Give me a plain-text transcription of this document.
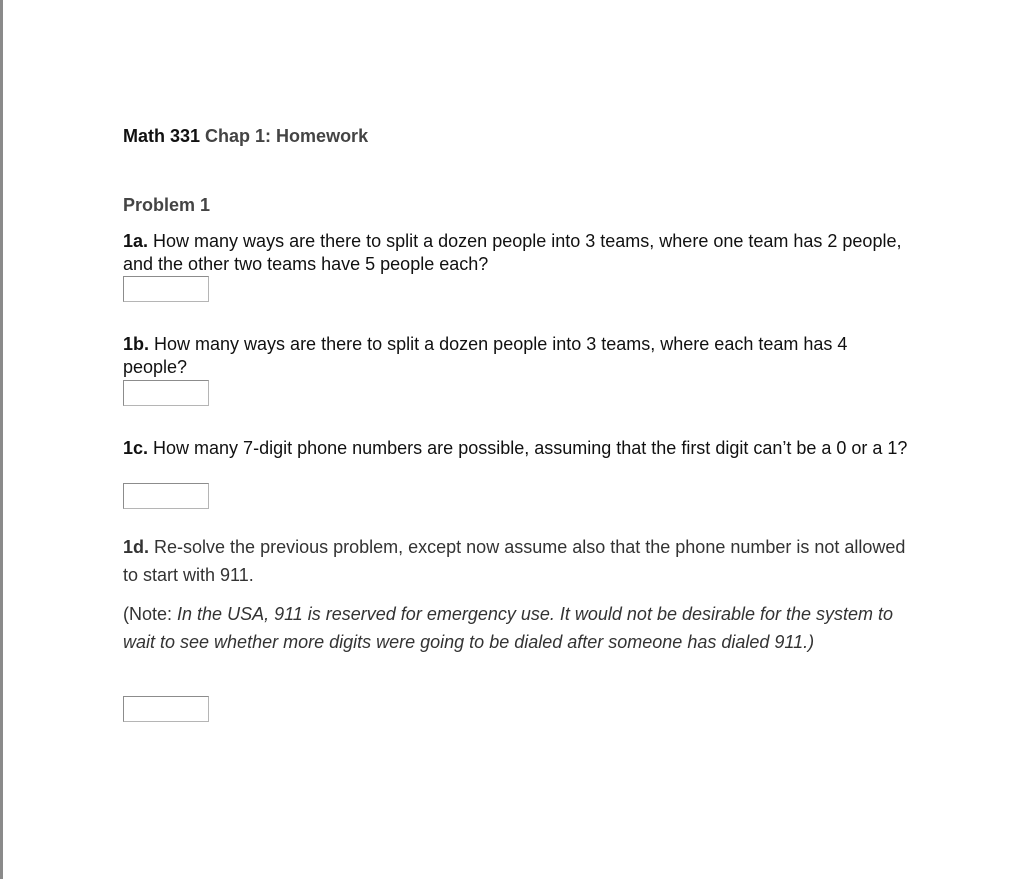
Math 331 Chap 1: Homework
Problem 1
1a. How many ways are there to split a dozen people into 3 teams, where one team has 2 people, and the other two teams have 5 people each?
1b. How many ways are there to split a dozen people into 3 teams, where each team has 4 people?
1c. How many 7-digit phone numbers are possible, assuming that the first digit can’t be a 0 or a 1?
1d. Re-solve the previous problem, except now assume also that the phone number is not allowed to start with 911.
(Note: In the USA, 911 is reserved for emergency use. It would not be desirable for the system to wait to see whether more digits were going to be dialed after someone has dialed 911.)
